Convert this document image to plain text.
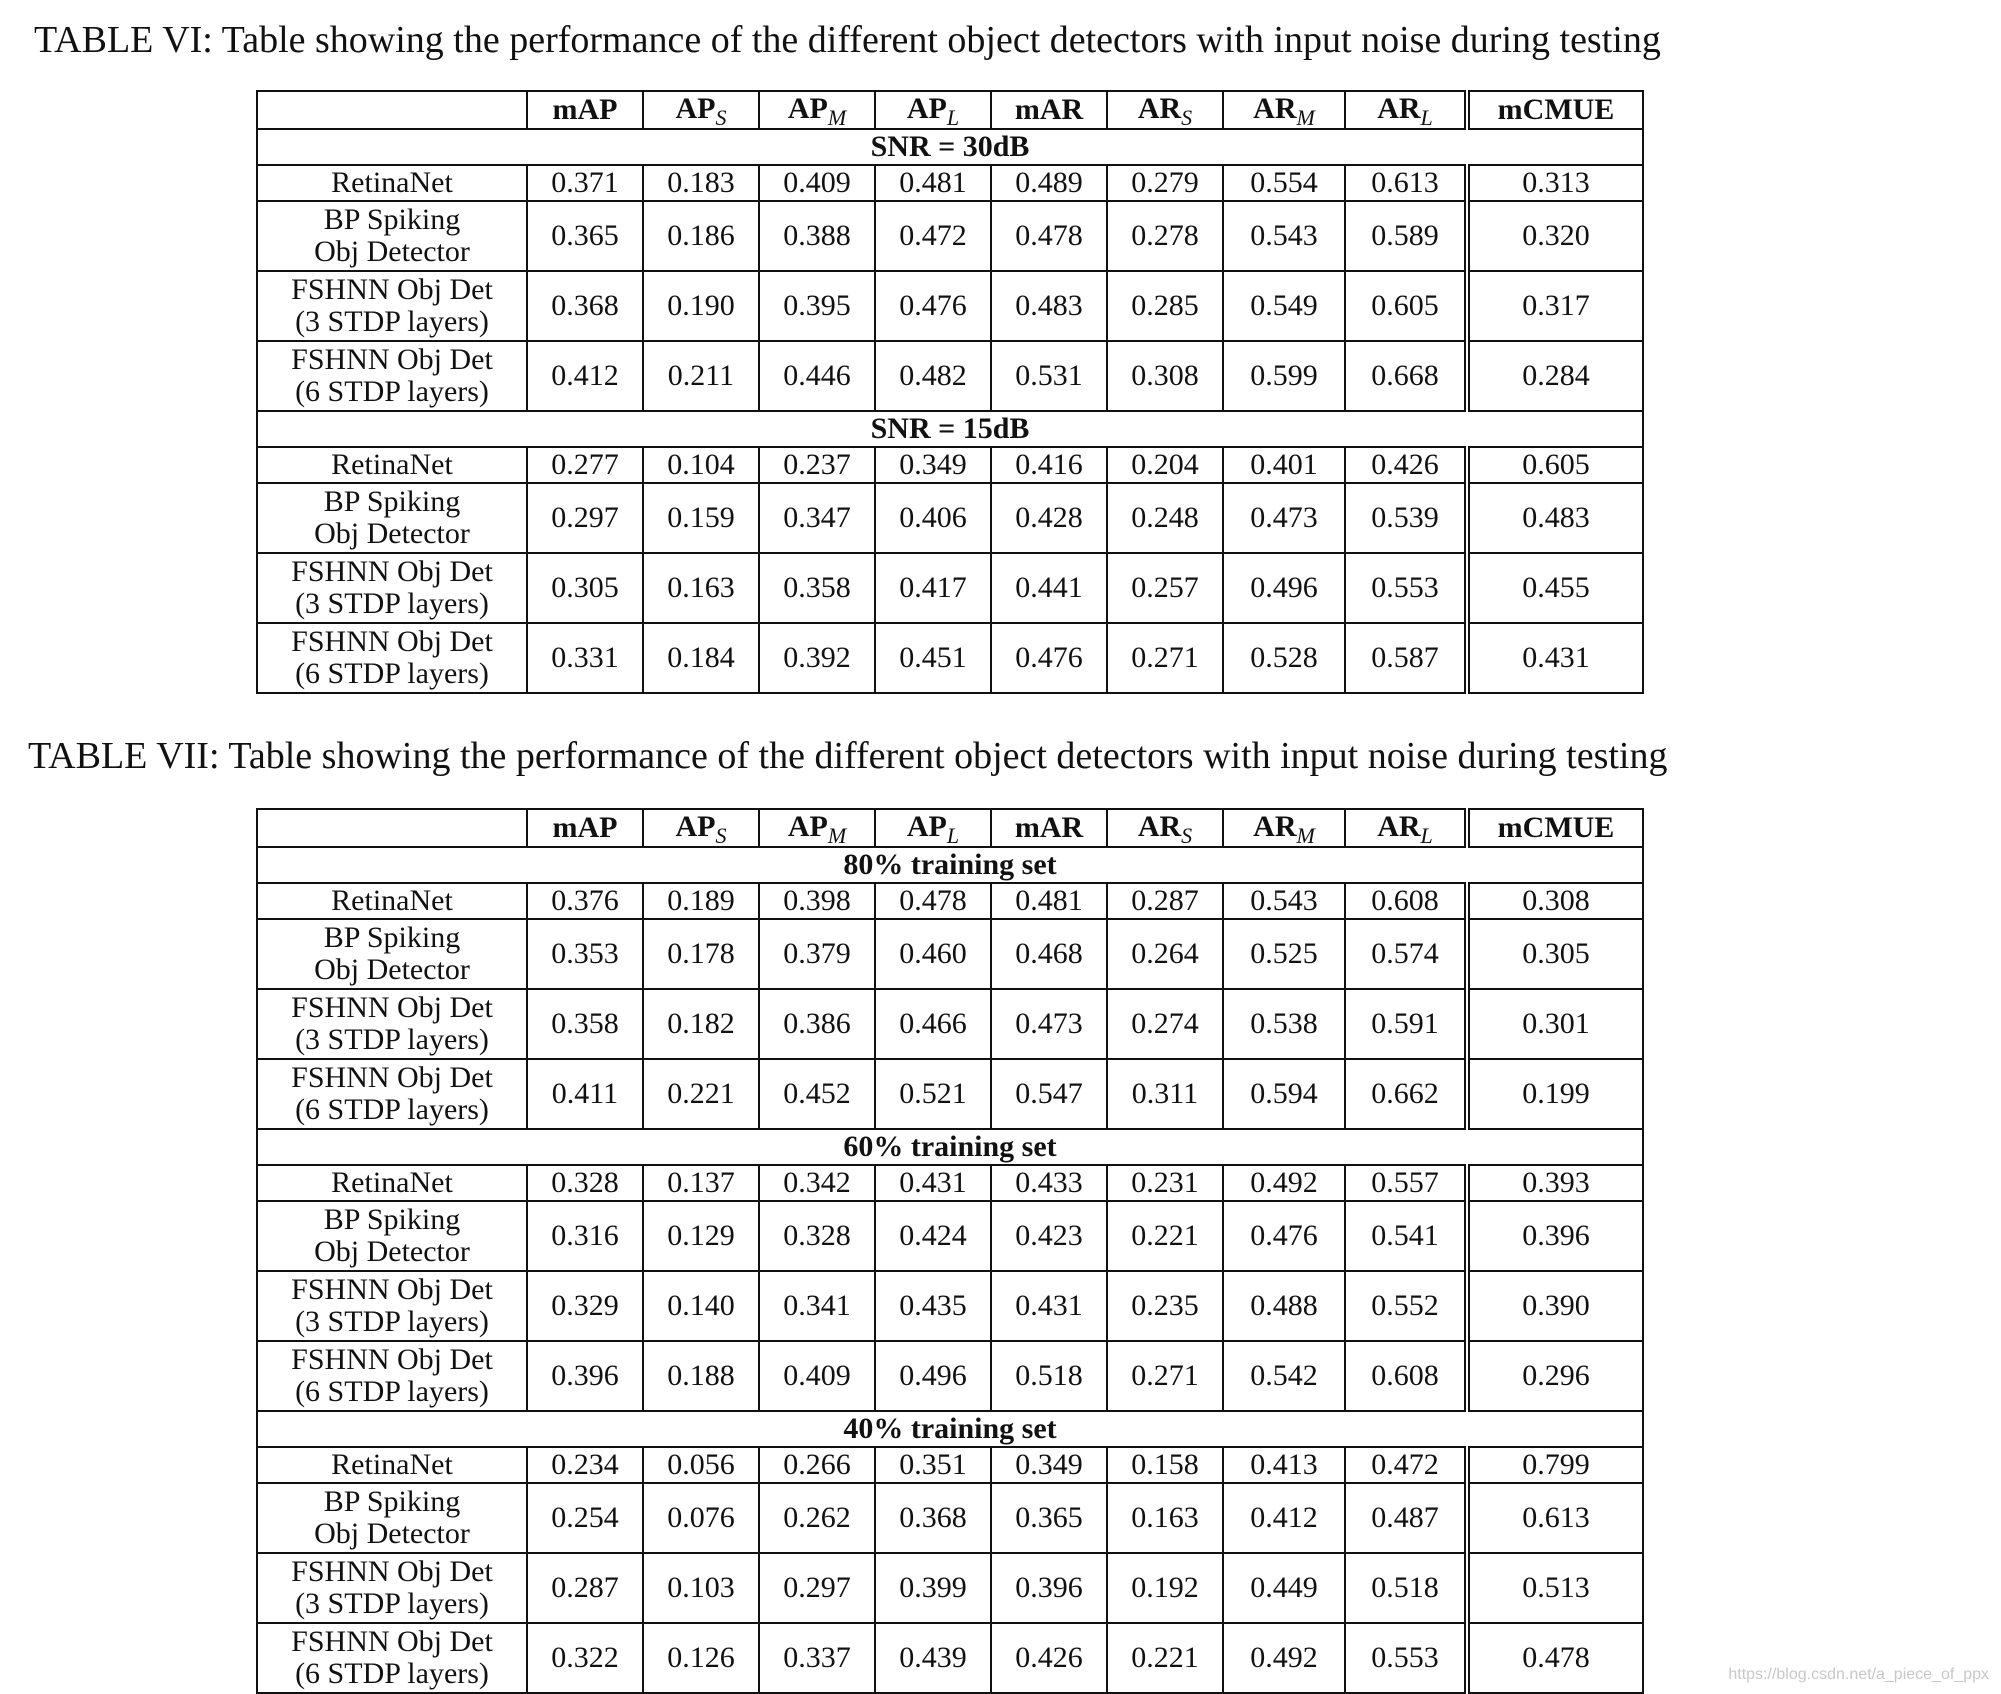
TABLE VI: Table showing the performance of the different object detectors with input noise during testing
	mAP	$AP_S$	$AP_M$	$AP_L$	mAR	$AR_S$	$AR_M$	$AR_L$	mCMUE
SNR = 30dB									

RetinaNet	0.371	0.183	0.409	0.481	0.489	0.279	0.554	0.613	0.313

BP Spiking
Obj Detector	0.365	0.186	0.388	0.472	0.478	0.278	0.543	0.589	0.320

FSHNN Obj Det
(3 STDP layers)	0.368	0.190	0.395	0.476	0.483	0.285	0.549	0.605	0.317

FSHNN Obj Det
(6 STDP layers)	0.412	0.211	0.446	0.482	0.531	0.308	0.599	0.668	0.284
SNR = 15dB									

RetinaNet	0.277	0.104	0.237	0.349	0.416	0.204	0.401	0.426	0.605

BP Spiking
Obj Detector	0.297	0.159	0.347	0.406	0.428	0.248	0.473	0.539	0.483

FSHNN Obj Det
(3 STDP layers)	0.305	0.163	0.358	0.417	0.441	0.257	0.496	0.553	0.455

FSHNN Obj Det
(6 STDP layers)	0.331	0.184	0.392	0.451	0.476	0.271	0.528	0.587	0.431
TABLE VII: Table showing the performance of the different object detectors with input noise during testing
	mAP	$AP_S$	$AP_M$	$AP_L$	mAR	$AR_S$	$AR_M$	$AR_L$	mCMUE
80% training set									

RetinaNet	0.376	0.189	0.398	0.478	0.481	0.287	0.543	0.608	0.308

BP Spiking
Obj Detector	0.353	0.178	0.379	0.460	0.468	0.264	0.525	0.574	0.305

FSHNN Obj Det
(3 STDP layers)	0.358	0.182	0.386	0.466	0.473	0.274	0.538	0.591	0.301

FSHNN Obj Det
(6 STDP layers)	0.411	0.221	0.452	0.521	0.547	0.311	0.594	0.662	0.199
60% training set									

RetinaNet	0.328	0.137	0.342	0.431	0.433	0.231	0.492	0.557	0.393

BP Spiking
Obj Detector	0.316	0.129	0.328	0.424	0.423	0.221	0.476	0.541	0.396

FSHNN Obj Det
(3 STDP layers)	0.329	0.140	0.341	0.435	0.431	0.235	0.488	0.552	0.390

FSHNN Obj Det
(6 STDP layers)	0.396	0.188	0.409	0.496	0.518	0.271	0.542	0.608	0.296
40% training set									

RetinaNet	0.234	0.056	0.266	0.351	0.349	0.158	0.413	0.472	0.799

BP Spiking
Obj Detector	0.254	0.076	0.262	0.368	0.365	0.163	0.412	0.487	0.613

FSHNN Obj Det
(3 STDP layers)	0.287	0.103	0.297	0.399	0.396	0.192	0.449	0.518	0.513

FSHNN Obj Det
(6 STDP layers)	0.322	0.126	0.337	0.439	0.426	0.221	0.492	0.553	0.478
https://blog.csdn.net/a_piece_of_ppx
